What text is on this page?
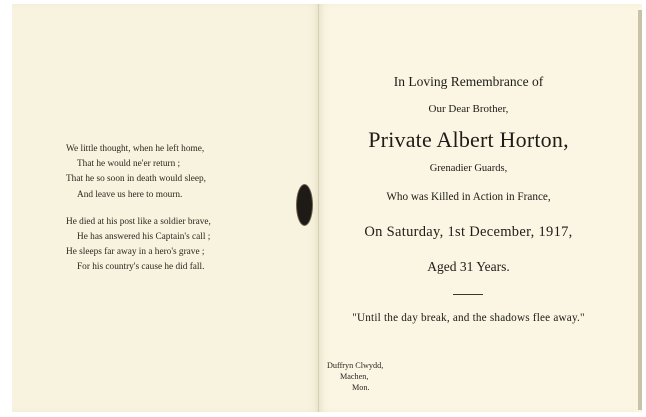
We little thought, when he left home,
That he would ne'er return ;
That he so soon in death would sleep,
And leave us here to mourn.
He died at his post like a soldier brave,
He has answered his Captain's call ;
He sleeps far away in a hero's grave ;
For his country's cause he did fall.
In Loving Remembrance of
Our Dear Brother,
Private Albert Horton,
Grenadier Guards,
Who was Killed in Action in France,
On Saturday, 1st December, 1917,
Aged 31 Years.
"Until the day break, and the shadows flee away."
Duffryn Clwydd,
Machen,
Mon.
